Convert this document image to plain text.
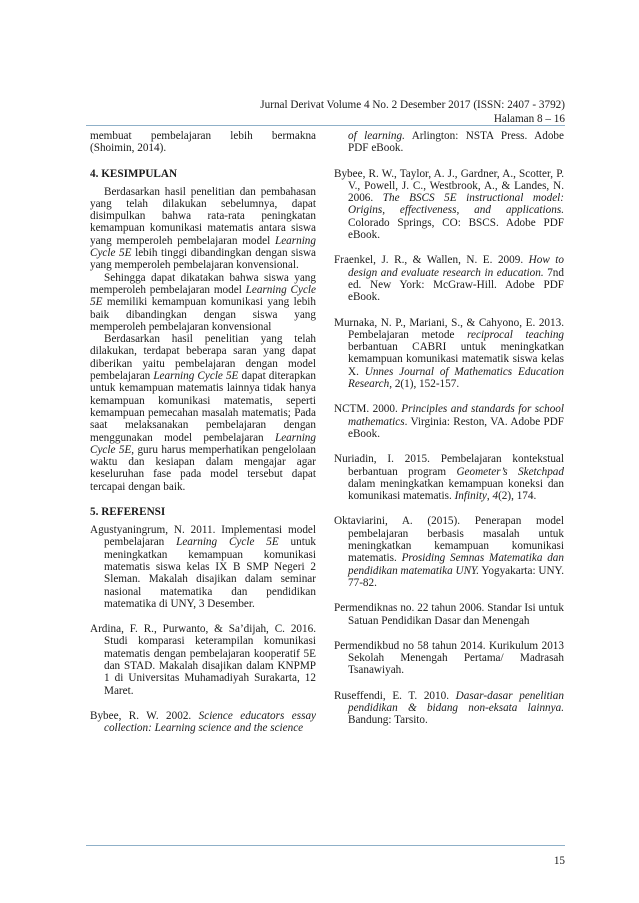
Jurnal Derivat Volume 4 No. 2 Desember 2017 (ISSN: 2407 - 3792)
Halaman 8 – 16

membuat pembelajaran lebih bermakna

(Shoimin, 2014).

4. KESIMPULAN

Berdasarkan hasil penelitian dan pembahasan yang telah dilakukan sebelumnya, dapat disimpulkan bahwa rata-rata peningkatan kemampuan komunikasi matematis antara siswa yang memperoleh pembelajaran model Learning Cycle 5E lebih tinggi dibandingkan dengan siswa yang memperoleh pembelajaran konvensional.

Sehingga dapat dikatakan bahwa siswa yang memperoleh pembelajaran model Learning Cycle 5E memiliki kemampuan komunikasi yang lebih baik dibandingkan dengan siswa yang memperoleh pembelajaran konvensional

Berdasarkan hasil penelitian yang telah dilakukan, terdapat beberapa saran yang dapat diberikan yaitu pembelajaran dengan model pembelajaran Learning Cycle 5E dapat diterapkan untuk kemampuan matematis lainnya tidak hanya kemampuan komunikasi matematis, seperti kemampuan pemecahan masalah matematis; Pada saat melaksanakan pembelajaran dengan menggunakan model pembelajaran Learning Cycle 5E, guru harus memperhatikan pengelolaan waktu dan kesiapan dalam mengajar agar keseluruhan fase pada model tersebut dapat tercapai dengan baik.

5. REFERENSI

Agustyaningrum, N. 2011. Implementasi model pembelajaran Learning Cycle 5E untuk meningkatkan kemampuan komunikasi matematis siswa kelas IX B SMP Negeri 2 Sleman. Makalah disajikan dalam seminar nasional matematika dan pendidikan matematika di UNY, 3 Desember.

Ardina, F. R., Purwanto, & Sa’dijah, C. 2016. Studi komparasi keterampilan komunikasi matematis dengan pembelajaran kooperatif 5E dan STAD. Makalah disajikan dalam KNPMP 1 di Universitas Muhamadiyah Surakarta, 12 Maret.

Bybee, R. W. 2002. Science educators essay collection: Learning science and the science

of learning. Arlington: NSTA Press. Adobe PDF eBook.

Bybee, R. W., Taylor, A. J., Gardner, A., Scotter, P. V., Powell, J. C., Westbrook, A., & Landes, N. 2006. The BSCS 5E instructional model: Origins, effectiveness, and applications. Colorado Springs, CO: BSCS. Adobe PDF eBook.

Fraenkel, J. R., & Wallen, N. E. 2009. How to design and evaluate research in education. 7nd ed. New York: McGraw-Hill. Adobe PDF eBook.

Murnaka, N. P., Mariani, S., & Cahyono, E. 2013. Pembelajaran metode reciprocal teaching berbantuan CABRI untuk meningkatkan kemampuan komunikasi matematik siswa kelas X. Unnes Journal of Mathematics Education Research, 2(1), 152-157.

NCTM. 2000. Principles and standards for school mathematics. Virginia: Reston, VA. Adobe PDF eBook.

Nuriadin, I. 2015. Pembelajaran kontekstual berbantuan program Geometer’s Sketchpad dalam meningkatkan kemampuan koneksi dan komunikasi matematis. Infinity, 4(2), 174.

Oktaviarini, A. (2015). Penerapan model pembelajaran berbasis masalah untuk meningkatkan kemampuan komunikasi matematis. Prosiding Semnas Matematika dan pendidikan matematika UNY. Yogyakarta: UNY. 77-82.

Permendiknas no. 22 tahun 2006. Standar Isi untuk Satuan Pendidikan Dasar dan Menengah

Permendikbud no 58 tahun 2014. Kurikulum 2013 Sekolah Menengah Pertama/ Madrasah Tsanawiyah.

Ruseffendi, E. T. 2010. Dasar-dasar penelitian pendidikan & bidang non-eksata lainnya. Bandung: Tarsito.

15
